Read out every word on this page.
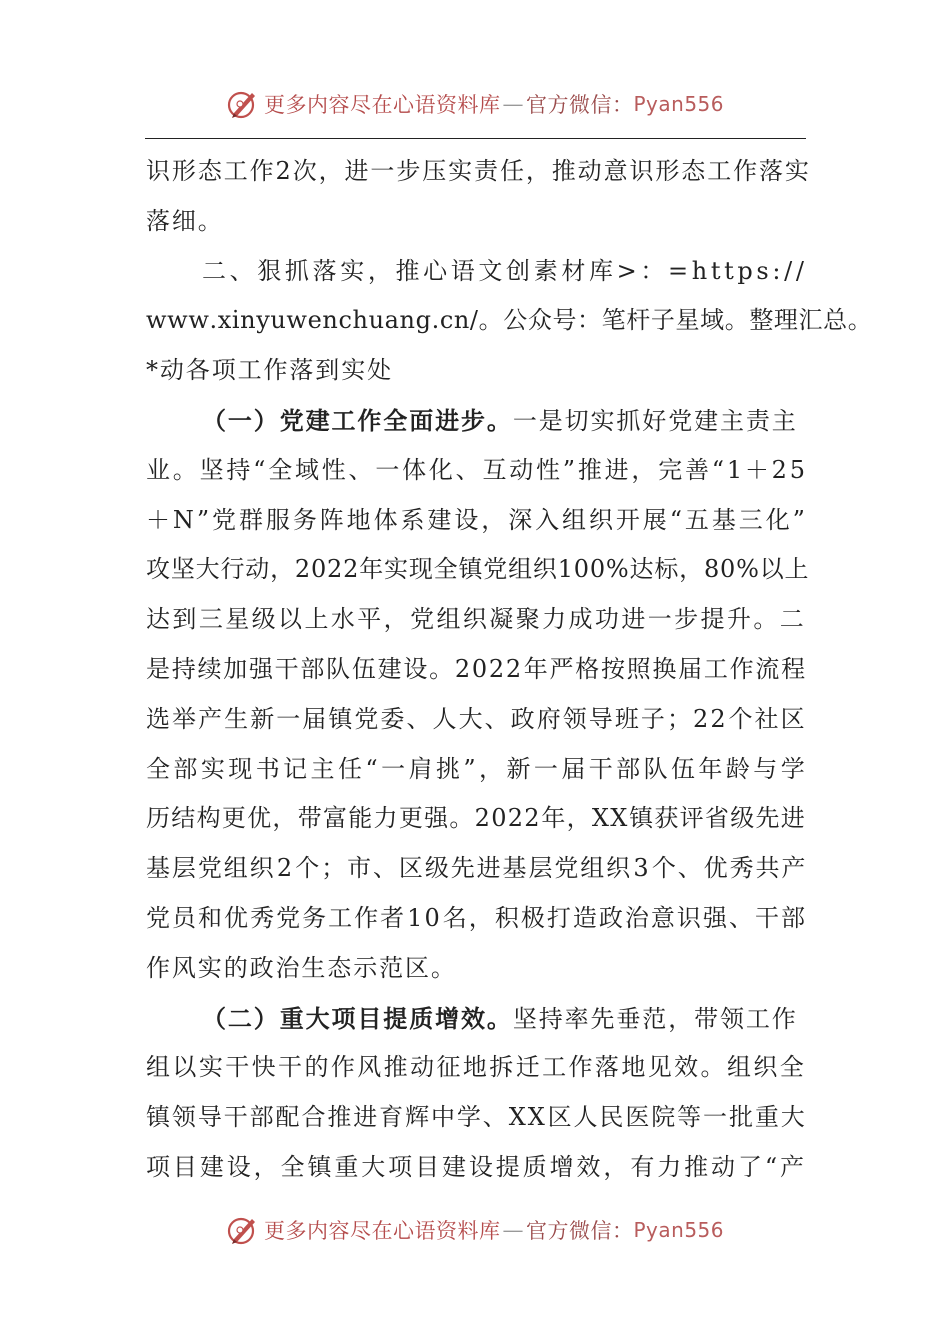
更多内容尽在心语资料库 — 官方微信： Pyan556
识 形 态 工 作 2 次 ， 进 一 步 压 实 责 任 ， 推 动 意 识 形 态 工 作 落 实
落细。
二 、 狠 抓 落 实 ， 推 心 语 文 创 素 材 库 > ： = h t t p s : / /
w w w . x i n y u w e n c h u a n g . c n / 。 公 众 号 ： 笔 杆 子 星 域 。 整 理 汇 总 。
*动各项工作落到实处
（一）党建工作全面进步。一是切实抓好党建主责主
业 。 坚 持 “ 全 域 性 、 一 体 化 、 互 动 性 ” 推 进 ， 完 善 “ 1 ＋ 2 5
＋ N ” 党 群 服 务 阵 地 体 系 建 设 ， 深 入 组 织 开 展 “ 五 基 三 化 ”
攻 坚 大 行 动 ， 2 0 2 2 年 实 现 全 镇 党 组 织 1 0 0 % 达 标 ， 8 0 % 以 上
达 到 三 星 级 以 上 水 平 ， 党 组 织 凝 聚 力 成 功 进 一 步 提 升 。 二
是 持 续 加 强 干 部 队 伍 建 设 。 2 0 2 2 年 严 格 按 照 换 届 工 作 流 程
选 举 产 生 新 一 届 镇 党 委 、 人 大 、 政 府 领 导 班 子 ； 2 2 个 社 区
全 部 实 现 书 记 主 任 “ 一 肩 挑 ” ， 新 一 届 干 部 队 伍 年 龄 与 学
历 结 构 更 优 ， 带 富 能 力 更 强 。 2 0 2 2 年 ， X X 镇 获 评 省 级 先 进
基 层 党 组 织 2 个 ； 市 、 区 级 先 进 基 层 党 组 织 3 个 、 优 秀 共 产
党 员 和 优 秀 党 务 工 作 者 1 0 名 ， 积 极 打 造 政 治 意 识 强 、 干 部
作风实的政治生态示范区。
（二）重大项目提质增效。坚持率先垂范，带领工作
组 以 实 干 快 干 的 作 风 推 动 征 地 拆 迁 工 作 落 地 见 效 。 组 织 全
镇 领 导 干 部 配 合 推 进 育 辉 中 学 、 X X 区 人 民 医 院 等 一 批 重 大
项 目 建 设 ， 全 镇 重 大 项 目 建 设 提 质 增 效 ， 有 力 推 动 了 “ 产
更多内容尽在心语资料库 — 官方微信： Pyan556
